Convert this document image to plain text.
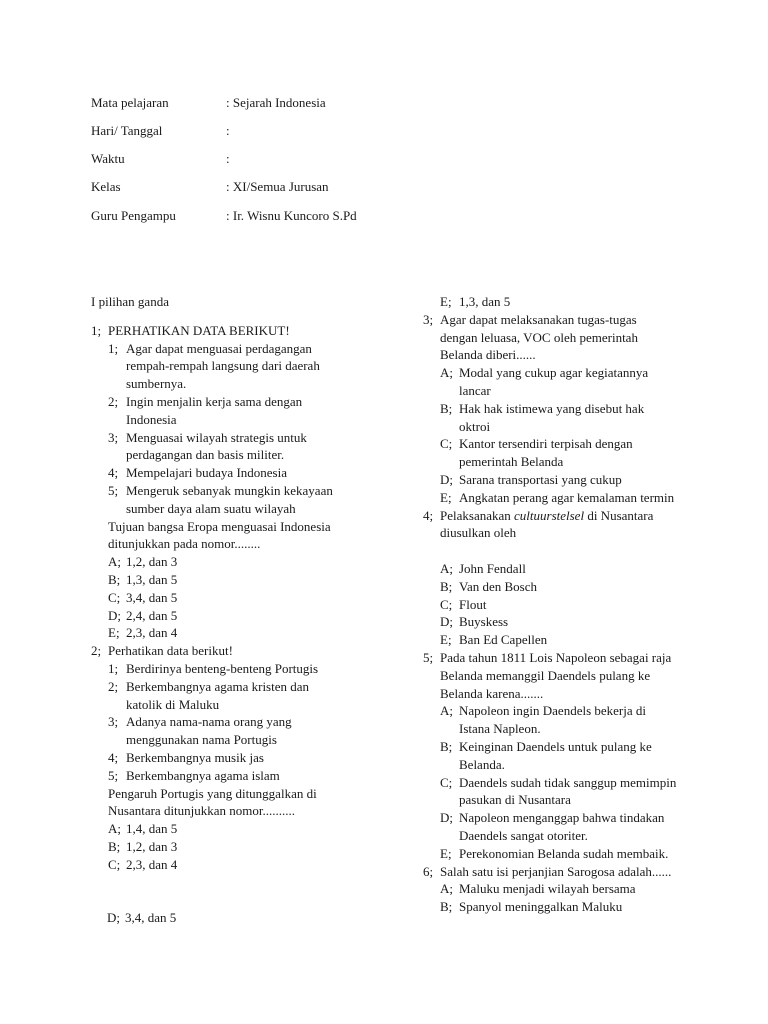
Mata pelajaran	: Sejarah Indonesia
Hari/ Tanggal	:
Waktu	:
Kelas	: XI/Semua Jurusan
Guru Pengampu	: Ir. Wisnu Kuncoro S.Pd
I pilihan ganda
1; PERHATIKAN DATA BERIKUT!
1; Agar dapat menguasai perdagangan
rempah-rempah langsung dari daerah
sumbernya.
2; Ingin menjalin kerja sama dengan
Indonesia
3; Menguasai wilayah strategis untuk
perdagangan dan basis militer.
4; Mempelajari budaya Indonesia
5; Mengeruk sebanyak mungkin kekayaan
sumber daya alam suatu wilayah
Tujuan bangsa Eropa menguasai Indonesia
ditunjukkan pada nomor........
A; 1,2, dan 3
B; 1,3, dan 5
C; 3,4, dan 5
D; 2,4, dan 5
E; 2,3, dan 4
2; Perhatikan data berikut!
1; Berdirinya benteng-benteng Portugis
2; Berkembangnya agama kristen dan
katolik di Maluku
3; Adanya nama-nama orang yang
menggunakan nama Portugis
4; Berkembangnya musik jas
5; Berkembangnya agama islam
Pengaruh Portugis yang ditunggalkan di
Nusantara ditunjukkan nomor..........
A; 1,4, dan 5
B; 1,2, dan 3
C; 2,3, dan 4
D; 3,4, dan 5
E; 1,3, dan 5
3; Agar dapat melaksanakan tugas-tugas
dengan leluasa, VOC oleh pemerintah
Belanda diberi......
A; Modal yang cukup agar kegiatannya
lancar
B; Hak hak istimewa yang disebut hak
oktroi
C; Kantor tersendiri terpisah dengan
pemerintah Belanda
D; Sarana transportasi yang cukup
E; Angkatan perang agar kemalaman termin
4; Pelaksanakan cultuurstelsel di Nusantara
diusulkan oleh
A; John Fendall
B; Van den Bosch
C; Flout
D; Buyskess
E; Ban Ed Capellen
5; Pada tahun 1811 Lois Napoleon sebagai raja
Belanda memanggil Daendels pulang ke
Belanda karena.......
A; Napoleon ingin Daendels bekerja di
Istana Napleon.
B; Keinginan Daendels untuk pulang ke
Belanda.
C; Daendels sudah tidak sanggup memimpin
pasukan di Nusantara
D; Napoleon menganggap bahwa tindakan
Daendels sangat otoriter.
E; Perekonomian Belanda sudah membaik.
6; Salah satu isi perjanjian Sarogosa adalah......
A; Maluku menjadi wilayah bersama
B; Spanyol meninggalkan Maluku
